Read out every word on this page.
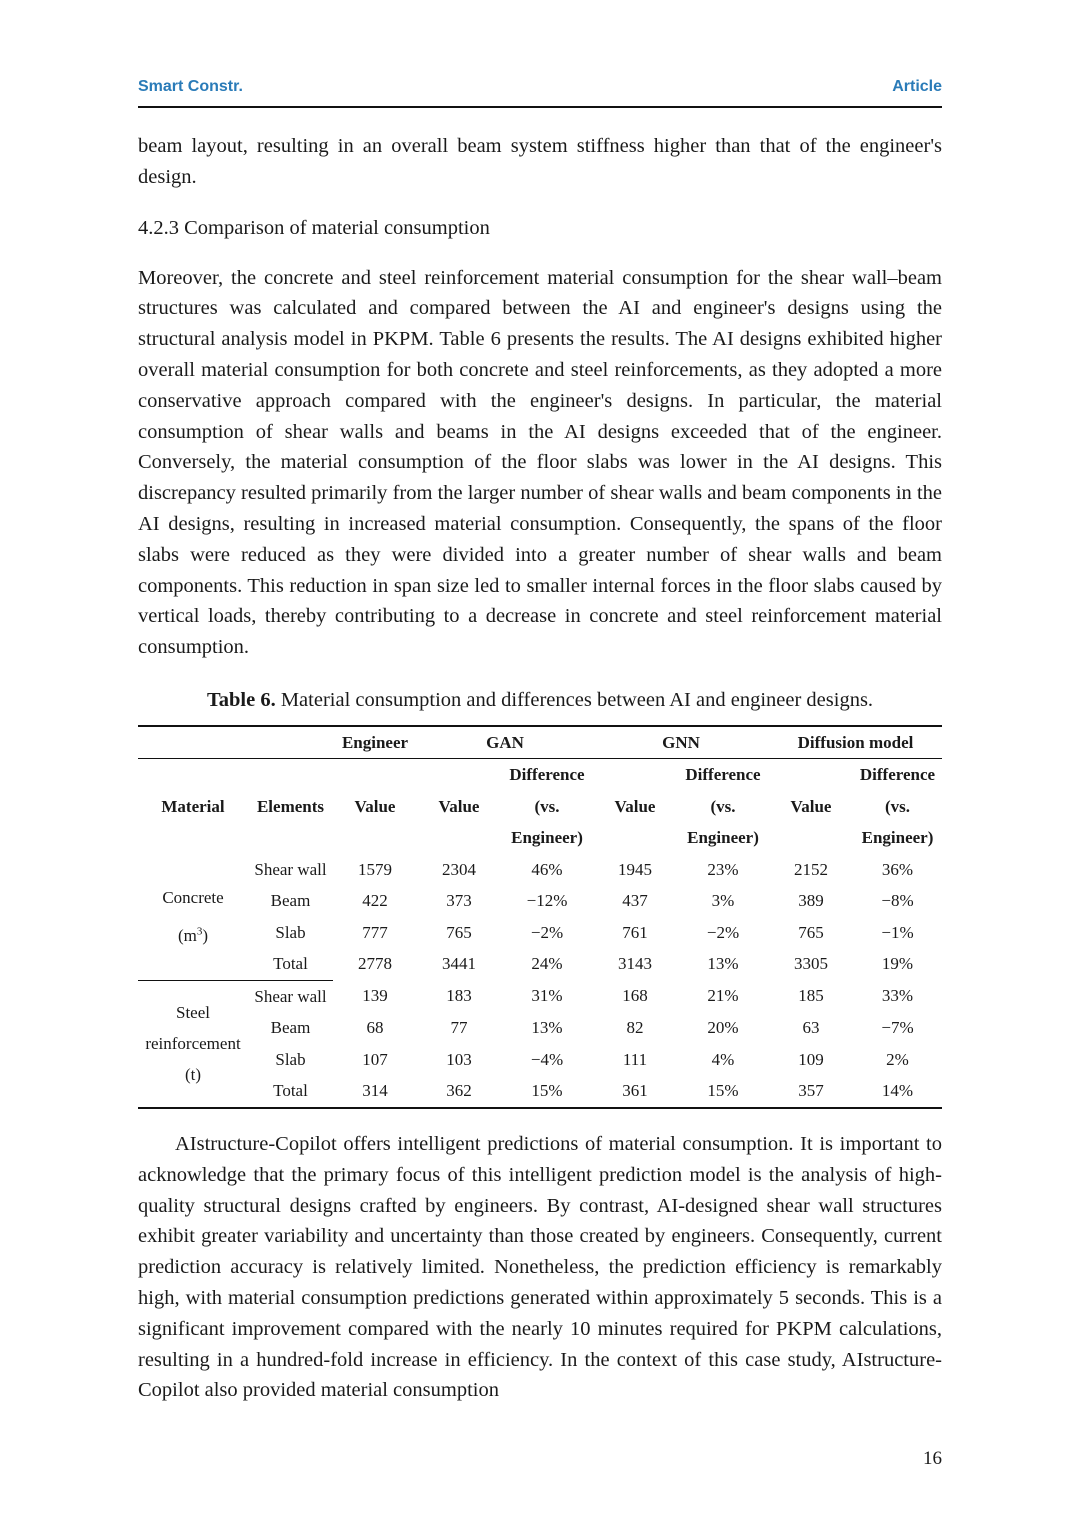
Smart Constr.	Article

beam layout, resulting in an overall beam system stiffness higher than that of the engineer's design.

4.2.3 Comparison of material consumption

Moreover, the concrete and steel reinforcement material consumption for the shear wall–beam structures was calculated and compared between the AI and engineer's designs using the structural analysis model in PKPM. Table 6 presents the results. The AI designs exhibited higher overall material consumption for both concrete and steel reinforcements, as they adopted a more conservative approach compared with the engineer's designs. In particular, the material consumption of shear walls and beams in the AI designs exceeded that of the engineer. Conversely, the material consumption of the floor slabs was lower in the AI designs. This discrepancy resulted primarily from the larger number of shear walls and beam components in the AI designs, resulting in increased material consumption. Consequently, the spans of the floor slabs were reduced as they were divided into a greater number of shear walls and beam components. This reduction in span size led to smaller internal forces in the floor slabs caused by vertical loads, thereby contributing to a decrease in concrete and steel reinforcement material consumption.

Table 6. Material consumption and differences between AI and engineer designs.
		Engineer	GAN		GNN		Diffusion model	
Material	Elements	Value	Value	Difference	Value	Difference	Value	Difference
				(vs.		(vs.		(vs.
				Engineer)		Engineer)		Engineer)

Concrete
$(m^3)$	Shear wall	1579	2304	46%	1945	23%	2152	36%
	Beam	422	373	−12%	437	3%	389	−8%
	Slab	777	765	−2%	761	−2%	765	−1%
	Total	2778	3441	24%	3143	13%	3305	19%

Steel
reinforcement
(t)	Shear wall	139	183	31%	168	21%	185	33%
	Beam	68	77	13%	82	20%	63	−7%
	Slab	107	103	−4%	111	4%	109	2%
	Total	314	362	15%	361	15%	357	14%

AIstructure-Copilot offers intelligent predictions of material consumption. It is important to acknowledge that the primary focus of this intelligent prediction model is the analysis of high-quality structural designs crafted by engineers. By contrast, AI-designed shear wall structures exhibit greater variability and uncertainty than those created by engineers. Consequently, current prediction accuracy is relatively limited. Nonetheless, the prediction efficiency is remarkably high, with material consumption predictions generated within approximately 5 seconds. This is a significant improvement compared with the nearly 10 minutes required for PKPM calculations, resulting in a hundred-fold increase in efficiency. In the context of this case study, AIstructure-Copilot also provided material consumption

16
